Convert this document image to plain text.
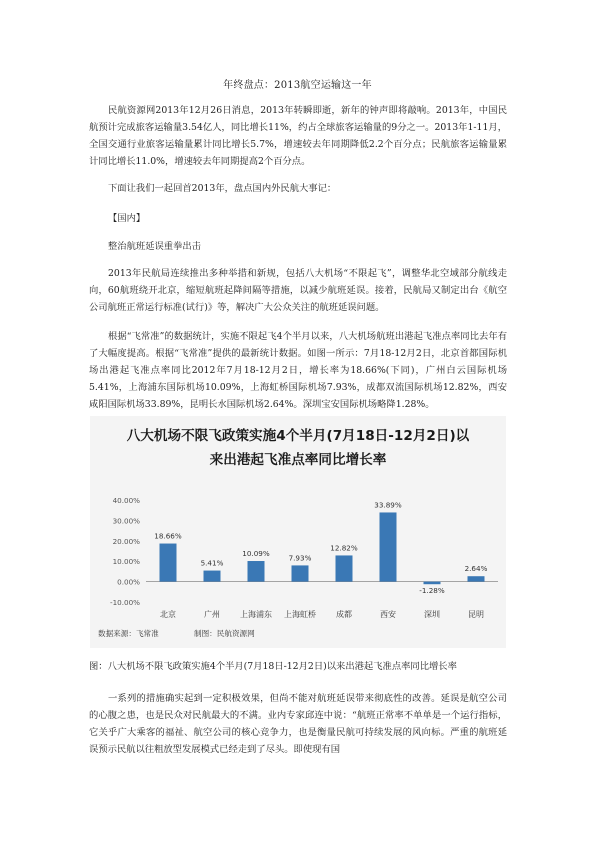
年终盘点：2013航空运输这一年

民航资源网2013年12月26日消息，2013年转瞬即逝，新年的钟声即将敲响。2013年，中国民航预计完成旅客运输量3.54亿人，同比增长11%，约占全球旅客运输量的9分之一。2013年1-11月，全国交通行业旅客运输量累计同比增长5.7%，增速较去年同期降低2.2个百分点；民航旅客运输量累计同比增长11.0%，增速较去年同期提高2个百分点。

下面让我们一起回首2013年，盘点国内外民航大事记：

【国内】

整治航班延误重拳出击

2013年民航局连续推出多种举措和新规，包括八大机场“不限起飞”，调整华北空域部分航线走向，60航班绕开北京，缩短航班起降间隔等措施，以减少航班延误。接着，民航局又制定出台《航空公司航班正常运行标准(试行)》等，解决广大公众关注的航班延误问题。

根据“飞常准”的数据统计，实施不限起飞4个半月以来，八大机场航班出港起飞准点率同比去年有了大幅度提高。根据“飞常准”提供的最新统计数据。如图一所示：7月18-12月2日，北京首都国际机场出港起飞准点率同比2012年7月18-12月2日，增长率为18.66%(下同)，广州白云国际机场5.41%，上海浦东国际机场10.09%，上海虹桥国际机场7.93%，成都双流国际机场12.82%，西安咸阳国际机场33.89%，昆明长水国际机场2.64%。深圳宝安国际机场略降1.28%。

八大机场不限飞政策实施4个半月(7月18日-12月2日)以
来出港起飞准点率同比增长率
40.00%
30.00%
20.00%
10.00%
0.00%
-10.00%
18.66%
北京
5.41%
广州
10.09%
上海浦东
7.93%
上海虹桥
12.82%
成都
33.89%
西安
-1.28%
深圳
2.64%
昆明
数据来源：飞常准	制图：民航资源网

图：八大机场不限飞政策实施4个半月(7月18日-12月2日)以来出港起飞准点率同比增长率

一系列的措施确实起到一定积极效果，但尚不能对航班延误带来彻底性的改善。延误是航空公司的心腹之患，也是民众对民航最大的不满。业内专家邱连中说：“航班正常率不单单是一个运行指标，它关乎广大乘客的福祉、航空公司的核心竞争力，也是衡量民航可持续发展的风向标。严重的航班延误预示民航以往粗放型发展模式已经走到了尽头。即使现有国
